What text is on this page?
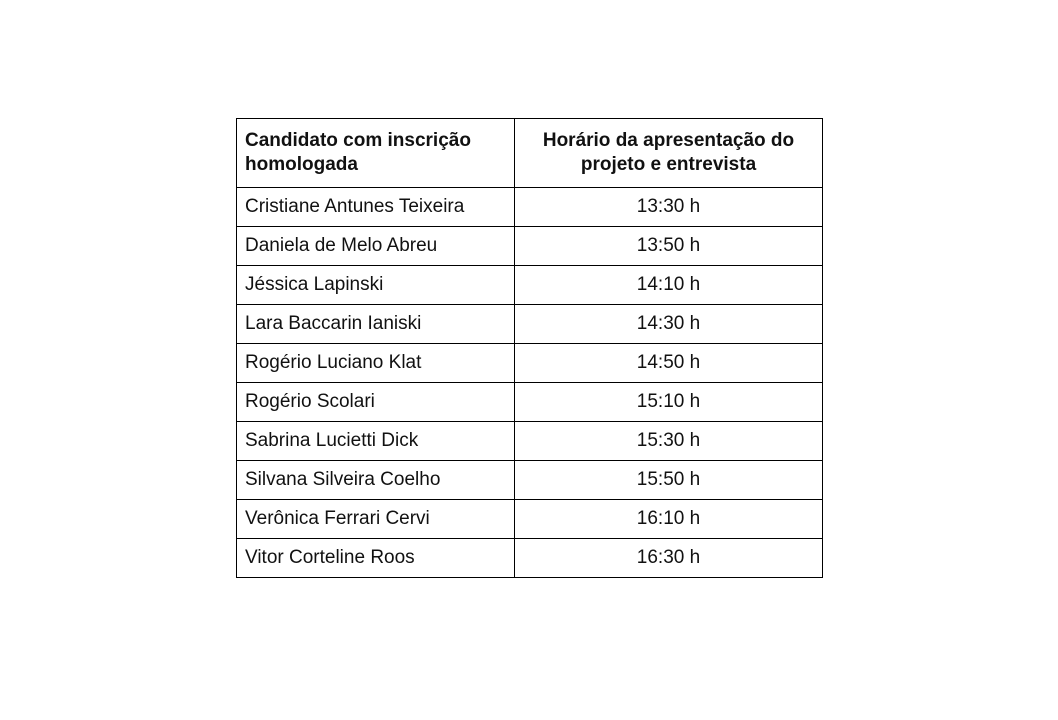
Candidato com inscrição homologada	Horário da apresentação do projeto e entrevista
Cristiane Antunes Teixeira	13:30 h
Daniela de Melo Abreu	13:50 h
Jéssica Lapinski	14:10 h
Lara Baccarin Ianiski	14:30 h
Rogério Luciano Klat	14:50 h
Rogério Scolari	15:10 h
Sabrina Lucietti Dick	15:30 h
Silvana Silveira Coelho	15:50 h
Verônica Ferrari Cervi	16:10 h
Vitor Corteline Roos	16:30 h
